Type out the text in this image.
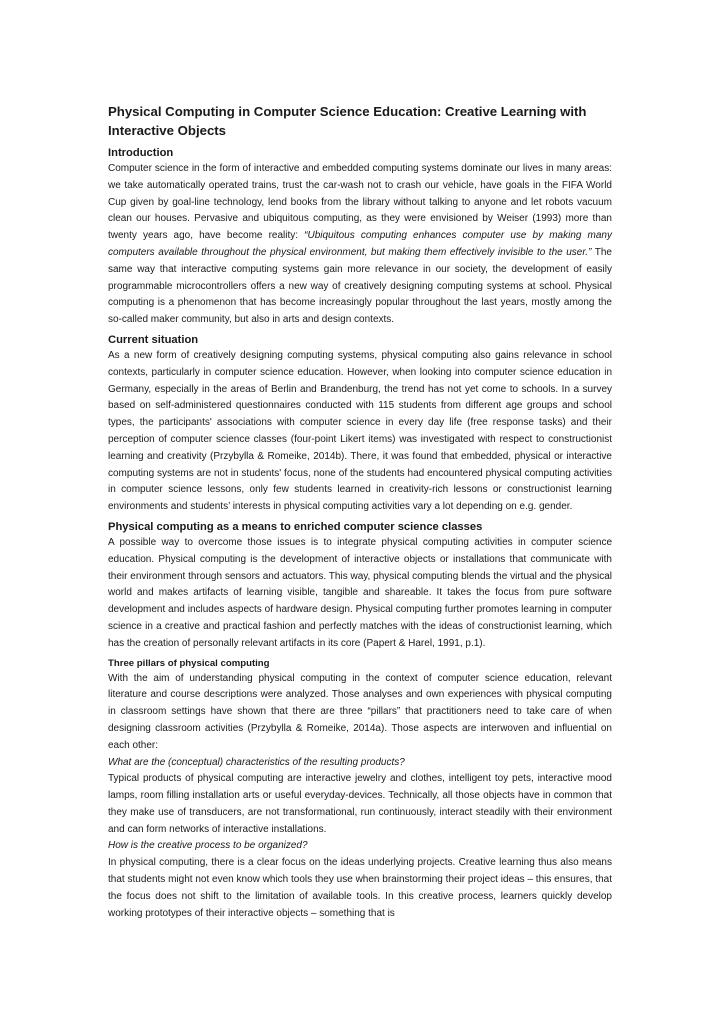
Physical Computing in Computer Science Education: Creative Learning with Interactive Objects
Introduction

Computer science in the form of interactive and embedded computing systems dominate our lives in many areas: we take automatically operated trains, trust the car-wash not to crash our vehicle, have goals in the FIFA World Cup given by goal-line technology, lend books from the library without talking to anyone and let robots vacuum clean our houses. Pervasive and ubiquitous computing, as they were envisioned by Weiser (1993) more than twenty years ago, have become reality: “Ubiquitous computing enhances computer use by making many computers available throughout the physical environment, but making them effectively invisible to the user.” The same way that interactive computing systems gain more relevance in our society, the development of easily programmable microcontrollers offers a new way of creatively designing computing systems at school. Physical computing is a phenomenon that has become increasingly popular throughout the last years, mostly among the so-called maker community, but also in arts and design contexts.

Current situation

As a new form of creatively designing computing systems, physical computing also gains relevance in school contexts, particularly in computer science education. However, when looking into computer science education in Germany, especially in the areas of Berlin and Brandenburg, the trend has not yet come to schools. In a survey based on self-administered questionnaires conducted with 115 students from different age groups and school types, the participants' associations with computer science in every day life (free response tasks) and their perception of computer science classes (four-point Likert items) was investigated with respect to constructionist learning and creativity (Przybylla & Romeike, 2014b). There, it was found that embedded, physical or interactive computing systems are not in students' focus, none of the students had encountered physical computing activities in computer science lessons, only few students learned in creativity-rich lessons or constructionist learning environments and students’ interests in physical computing activities vary a lot depending on e.g. gender.

Physical computing as a means to enriched computer science classes

A possible way to overcome those issues is to integrate physical computing activities in computer science education. Physical computing is the development of interactive objects or installations that communicate with their environment through sensors and actuators. This way, physical computing blends the virtual and the physical world and makes artifacts of learning visible, tangible and shareable. It takes the focus from pure software development and includes aspects of hardware design. Physical computing further promotes learning in computer science in a creative and practical fashion and perfectly matches with the ideas of constructionist learning, which has the creation of personally relevant artifacts in its core (Papert & Harel, 1991, p.1).

Three pillars of physical computing

With the aim of understanding physical computing in the context of computer science education, relevant literature and course descriptions were analyzed. Those analyses and own experiences with physical computing in classroom settings have shown that there are three “pillars” that practitioners need to take care of when designing classroom activities (Przybylla & Romeike, 2014a). Those aspects are interwoven and influential on each other:

What are the (conceptual) characteristics of the resulting products?

Typical products of physical computing are interactive jewelry and clothes, intelligent toy pets, interactive mood lamps, room filling installation arts or useful everyday-devices. Technically, all those objects have in common that they make use of transducers, are not transformational, run continuously, interact steadily with their environment and can form networks of interactive installations.

How is the creative process to be organized?

In physical computing, there is a clear focus on the ideas underlying projects. Creative learning thus also means that students might not even know which tools they use when brainstorming their project ideas – this ensures, that the focus does not shift to the limitation of available tools. In this creative process, learners quickly develop working prototypes of their interactive objects – something that is
